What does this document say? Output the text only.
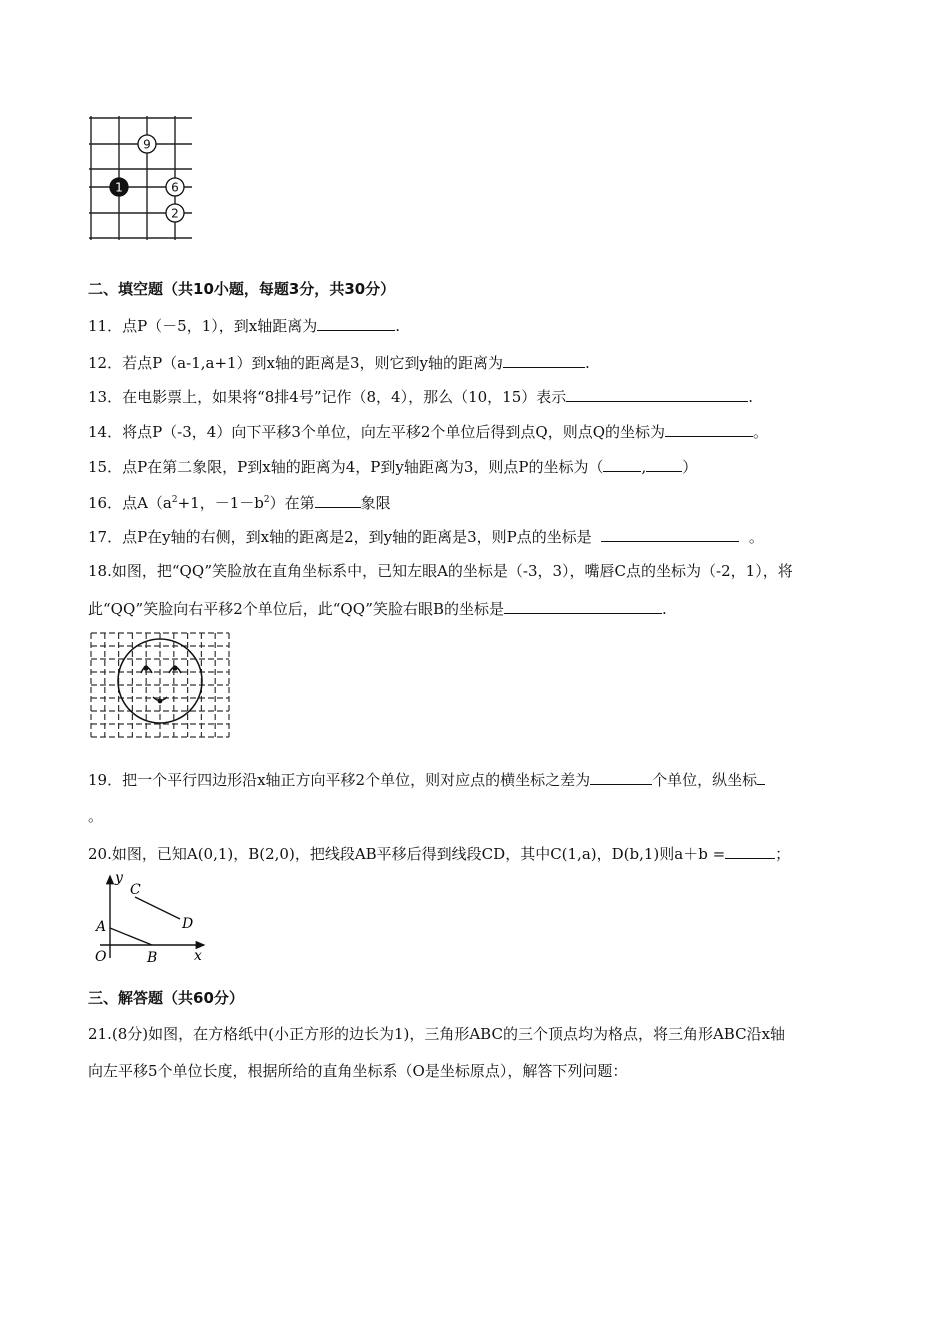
9
1	6
2
二、填空题（共10小题，每题3分，共30分）
11．点P（－5，1），到x轴距离为	.
12．若点P（a-1,a+1）到x轴的距离是3，则它到y轴的距离为	.
13．在电影票上，如果将“8排4号”记作（8，4），那么（10，15）表示	.
14．将点P（-3，4）向下平移3个单位，向左平移2个单位后得到点Q，则点Q的坐标为	。
15．点P在第二象限，P到x轴的距离为4，P到y轴距离为3，则点P的坐标为（	, ）
16．点$A(a^2+1$，$-1-b^2$）在第	象限
17．点P在y轴的右侧，到x轴的距离是2，到y轴的距离是3，则P点的坐标是	。
18.如图，把“QQ”笑脸放在直角坐标系中，已知左眼A的坐标是（-3，3），嘴唇C点的坐标为（-2，1），将
此“QQ”笑脸向右平移2个单位后，此“QQ”笑脸右眼B的坐标是	.
19．把一个平行四边形沿x轴正方向平移2个单位，则对应点的横坐标之差为	个单位，纵坐标
。
20.如图，已知A(0,1)，B(2,0)，把线段AB平移后得到线段CD，其中C(1,a)，D(b,1)则a＋b =	；
y
x
O
A
B
C
D
三、解答题（共60分）
21.(8分)如图，在方格纸中(小正方形的边长为1)，三角形ABC的三个顶点均为格点，将三角形ABC沿x轴
向左平移5个单位长度，根据所给的直角坐标系（O是坐标原点），解答下列问题：
